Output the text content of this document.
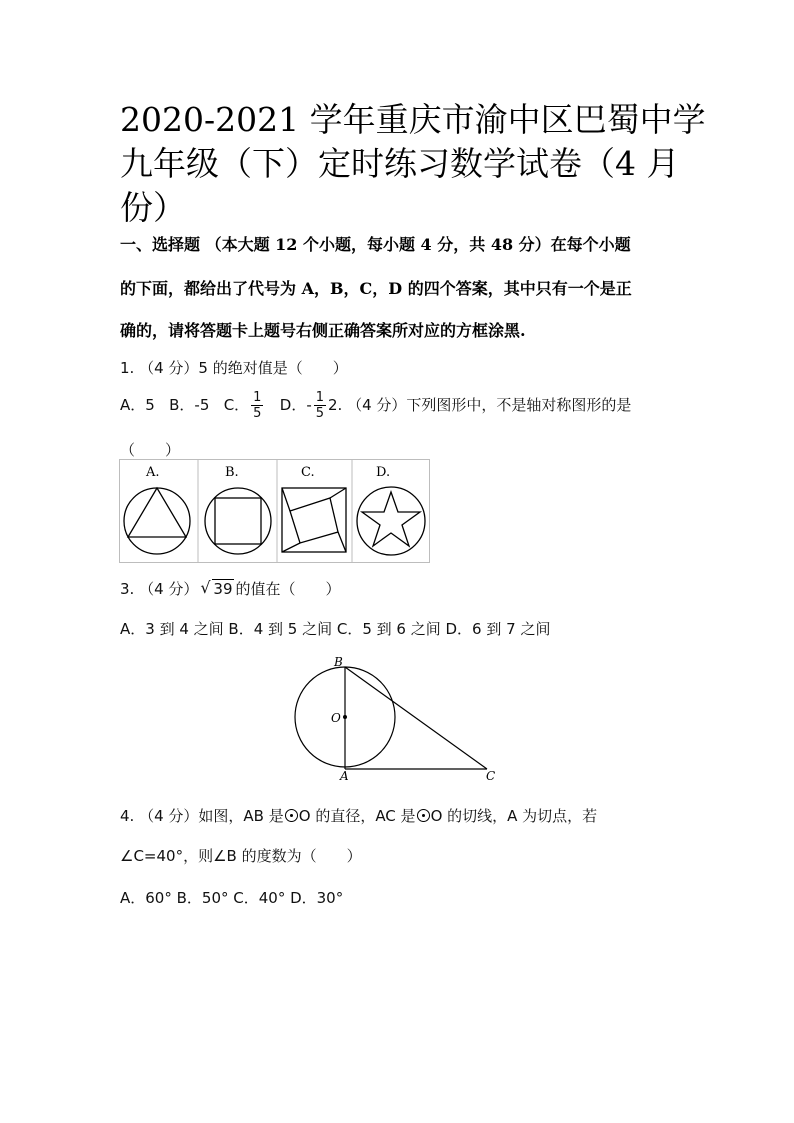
2020-2021 学年重庆市渝中区巴蜀中学
九年级（下）定时练习数学试卷（4 月
份）
一、选择题 （本大题 12 个小题，每小题 4 分，共 48 分）在每个小题
的下面，都给出了代号为 A，B，C，D 的四个答案，其中只有一个是正
确的，请将答题卡上题号右侧正确答案所对应的方框涂黑.
1. （4 分）5 的绝对值是（　　）
A．5 B．-5 C． $\frac{1}{5}$ D．- $\frac{1}{5} 2$. （4 分）下列图形中，不是轴对称图形的是
（　　）
A.	B.	C.	D.
3. （4 分） √ 39 的值在（　　）
A．3 到 4 之间 B．4 到 5 之间 C．5 到 6 之间 D．6 到 7 之间
B
O
A	C
4. （4 分）如图，AB 是 O 的直径，AC 是 O 的切线，A 为切点，若
∠C=40°，则∠B 的度数为（　　）
A．60° B．50° C．40° D．30°
